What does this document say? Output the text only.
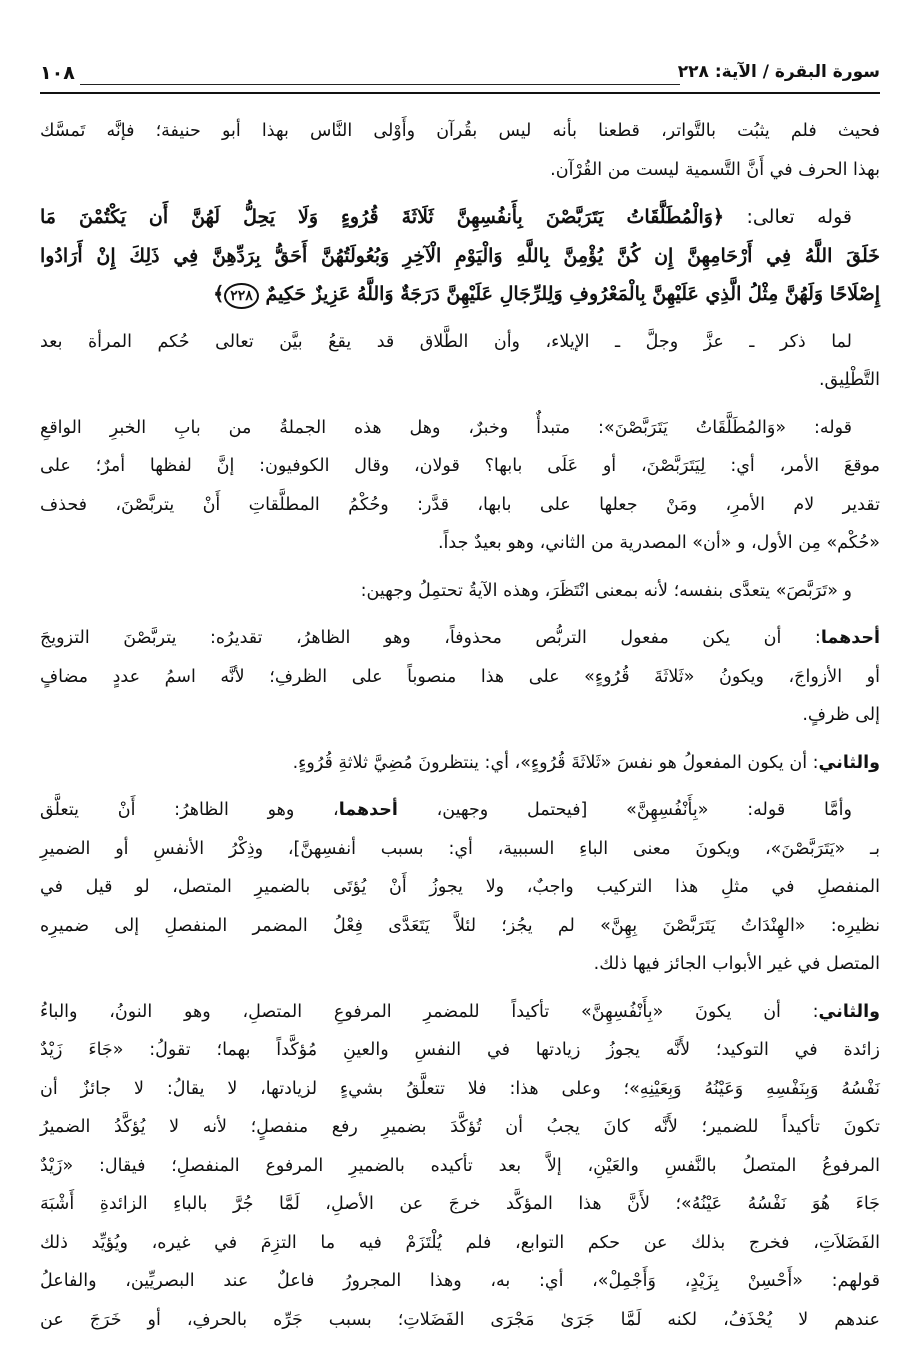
سورة البقرة / الآية: ٢٢٨
١٠٨
فحيث فلم يثبُت بالتَّواتر، قطعنا بأنه ليس بقُرآن وأَوْلى النَّاس بهذا أبو حنيفة؛ فإنَّه تَمسَّك
بهذا الحرف في أَنَّ التَّسمية ليست من القُرْآن.
قوله تعالى: ﴿وَالْمُطَلَّقَاتُ يَتَرَبَّصْنَ بِأَنفُسِهِنَّ ثَلَاثَةَ قُرُوءٍ وَلَا يَحِلُّ لَهُنَّ أَن يَكْتُمْنَ مَا
خَلَقَ اللَّهُ فِي أَرْحَامِهِنَّ إِن كُنَّ يُؤْمِنَّ بِاللَّهِ وَالْيَوْمِ الْآخِرِ وَبُعُولَتُهُنَّ أَحَقُّ بِرَدِّهِنَّ فِي ذَلِكَ إِنْ أَرَادُوا
إِصْلَاحًا وَلَهُنَّ مِثْلُ الَّذِي عَلَيْهِنَّ بِالْمَعْرُوفِ وَلِلرِّجَالِ عَلَيْهِنَّ دَرَجَةٌ وَاللَّهُ عَزِيزٌ حَكِيمٌ ٢٢٨﴾
لما ذكر ـ عزَّ وجلَّ ـ الإيلاء، وأن الطَّلاق قد يقعُ بيَّن تعالى حُكم المرأة بعد
التَّطْلِيق.
قوله: «وَالمُطَلَّقَاتُ يَتَرَبَّصْنَ»: متبدأٌ وخبرٌ، وهل هذه الجملةُ من بابِ الخبرِ الواقعِ
موقعَ الأمر، أي: لِيَتَرَبَّصْنَ، أو عَلَى بابها؟ قولان، وقال الكوفيون: إنَّ لفظها أمرٌ؛ على
تقدير لام الأمرِ، ومَنْ جعلها على بابها، قدَّر: وحُكْمُ المطلَّقاتِ أَنْ يتربَّصْنَ، فحذف
«حُكْم» مِن الأول، و «أن» المصدرية من الثاني، وهو بعيدٌ جداً.
و «تَرَبَّصَ» يتعدَّى بنفسه؛ لأنه بمعنى انْتَظَرَ، وهذه الآيةُ تحتمِلُ وجهين:
أحدهما: أن يكن مفعول التربُّص محذوفاً، وهو الظاهرُ، تقديرُه: يتربَّصْنَ التزويجَ
أو الأزواجَ، ويكونُ «ثَلاثَةَ قُرُوءٍ» على هذا منصوباً على الظرفِ؛ لأنَّه اسمُ عددٍ مضافٍ
إلى ظرفٍ.
والثاني: أن يكون المفعولُ هو نفسَ «ثَلاثَةَ قُرُوءٍ»، أي: ينتظرونَ مُضِيَّ ثلاثةِ قُرُوءٍ.
وأمَّا قوله: «بِأَنْفُسِهِنَّ» [فيحتمل وجهين، أحدهما، وهو الظاهرُ: أَنْ يتعلَّق
بـ «يَتَرَبَّصْنَ»، ويكونَ معنى الباءِ السببية، أي: بسبب أنفسِهنَّ]، وذِكْرُ الأنفسِ أو الضميرِ
المنفصلِ في مثلِ هذا التركيب واجبٌ، ولا يجوزُ أَنْ يُؤتَى بالضميرِ المتصل، لو قيل في
نظيرِه: «الهِنْدَاتُ يَتَرَبَّصْنَ بِهِنَّ» لم يجُز؛ لئلاَّ يَتَعَدَّى فِعْلُ المضمر المنفصلِ إلى ضميرِه
المتصل في غير الأبواب الجائز فيها ذلك.
والثاني: أن يكونَ «بِأَنْفُسِهِنَّ» تأكيداً للمضمرِ المرفوعِ المتصلِ، وهو النونُ، والباءُ
زائدة في التوكيد؛ لأَنَّه يجوزُ زيادتها في النفسِ والعينِ مُؤكَّداً بهما؛ تقولُ: «جَاءَ زَيْدٌ
نَفْسُهُ وَبِنَفْسِهِ وَعَيْنُهُ وَبِعَيْنِهِ»؛ وعلى هذا: فلا تتعلَّقُ بشيءٍ لزيادتها، لا يقالُ: لا جائزٌ أن
تكونَ تأكيداً للضمير؛ لأَنَّه كانَ يجبُ أن تُؤكَّدَ بضميرِ رفع منفصلٍ؛ لأنه لا يُؤكَّدُ الضميرُ
المرفوعُ المتصلُ بالنَّفسِ والعَيْنِ، إلاَّ بعد تأكيده بالضميرِ المرفوع المنفصلِ؛ فيقال: «زَيْدٌ
جَاءَ هُوَ نَفْسُهُ عَيْنُهُ»؛ لأَنَّ هذا المؤكَّد خرجَ عن الأصلِ، لَمَّا جُرَّ بالباءِ الزائدةِ أَشْبَهَ
الفَضَلاَتِ، فخرج بذلك عن حكم التوابع، فلم يُلْتَزَمْ فيه ما التزِمَ في غيره، ويُؤيِّد ذلك
قولهم: «أَحْسِنْ بِزَيْدٍ، وَأَجْمِلْ»، أي: به، وهذا المجرورُ فاعلٌ عند البصريِّين، والفاعلُ
عندهم لا يُحْذَفُ، لكنه لَمَّا جَرَىٰ مَجْرَى الفَضَلاتِ؛ بسبب جَرِّه بالحرفِ، أو خَرَجَ عن
